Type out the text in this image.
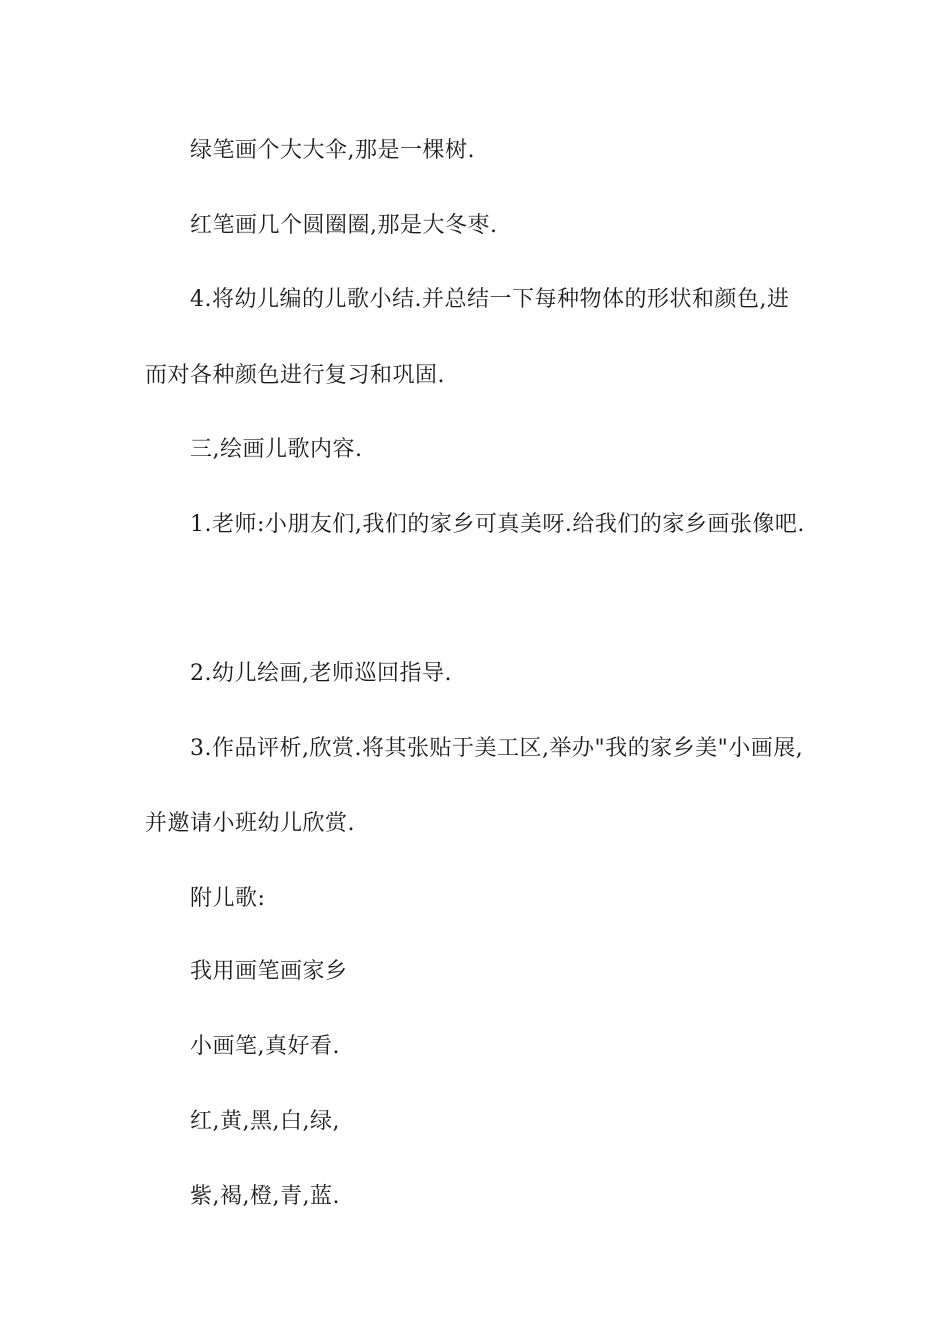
绿笔画个大大伞,那是一棵树.

红笔画几个圆圈圈,那是大冬枣.

4.将幼儿编的儿歌小结.并总结一下每种物体的形状和颜色,进

而对各种颜色进行复习和巩固.

三,绘画儿歌内容.

1.老师:小朋友们,我们的家乡可真美呀.给我们的家乡画张像吧.

2.幼儿绘画,老师巡回指导.

3.作品评析,欣赏.将其张贴于美工区,举办"我的家乡美"小画展,

并邀请小班幼儿欣赏.

附儿歌:

我用画笔画家乡

小画笔,真好看.

红,黄,黑,白,绿,

紫,褐,橙,青,蓝.
